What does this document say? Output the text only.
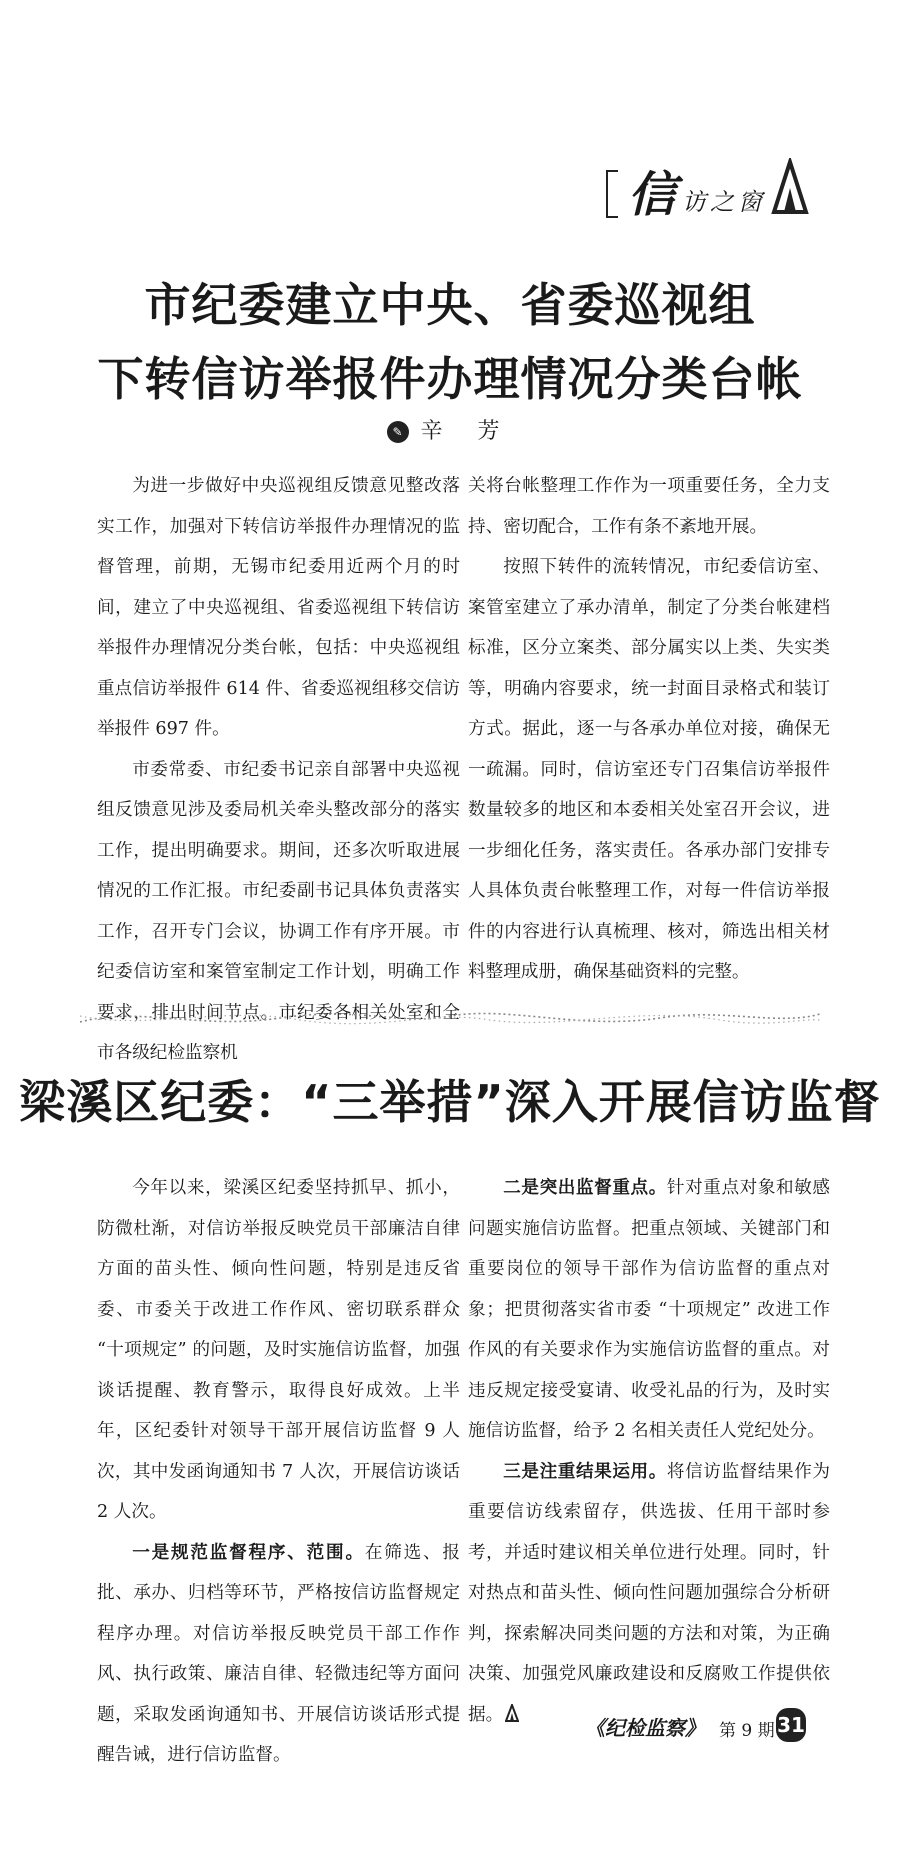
信 访之窗
市纪委建立中央、省委巡视组
下转信访举报件办理情况分类台帐
✎ 辛 芳

为进一步做好中央巡视组反馈意见整改落实工作，加强对下转信访举报件办理情况的监督管理，前期，无锡市纪委用近两个月的时间，建立了中央巡视组、省委巡视组下转信访举报件办理情况分类台帐，包括：中央巡视组重点信访举报件 614 件、省委巡视组移交信访举报件 697 件。

市委常委、市纪委书记亲自部署中央巡视组反馈意见涉及委局机关牵头整改部分的落实工作，提出明确要求。期间，还多次听取进展情况的工作汇报。市纪委副书记具体负责落实工作，召开专门会议，协调工作有序开展。市纪委信访室和案管室制定工作计划，明确工作要求，排出时间节点。市纪委各相关处室和全市各级纪检监察机

关将台帐整理工作作为一项重要任务，全力支持、密切配合，工作有条不紊地开展。

按照下转件的流转情况，市纪委信访室、案管室建立了承办清单，制定了分类台帐建档标准，区分立案类、部分属实以上类、失实类等，明确内容要求，统一封面目录格式和装订方式。据此，逐一与各承办单位对接，确保无一疏漏。同时，信访室还专门召集信访举报件数量较多的地区和本委相关处室召开会议，进一步细化任务，落实责任。各承办部门安排专人具体负责台帐整理工作，对每一件信访举报件的内容进行认真梳理、核对，筛选出相关材料整理成册，确保基础资料的完整。

梁溪区纪委：“三举措”深入开展信访监督

今年以来，梁溪区纪委坚持抓早、抓小，防微杜渐，对信访举报反映党员干部廉洁自律方面的苗头性、倾向性问题，特别是违反省委、市委关于改进工作作风、密切联系群众 “十项规定” 的问题，及时实施信访监督，加强谈话提醒、教育警示，取得良好成效。上半年，区纪委针对领导干部开展信访监督 9 人次，其中发函询通知书 7 人次，开展信访谈话 2 人次。

一是规范监督程序、范围。在筛选、报批、承办、归档等环节，严格按信访监督规定程序办理。对信访举报反映党员干部工作作风、执行政策、廉洁自律、轻微违纪等方面问题，采取发函询通知书、开展信访谈话形式提醒告诫，进行信访监督。

二是突出监督重点。针对重点对象和敏感问题实施信访监督。把重点领域、关键部门和重要岗位的领导干部作为信访监督的重点对象；把贯彻落实省市委 “十项规定” 改进工作作风的有关要求作为实施信访监督的重点。对违反规定接受宴请、收受礼品的行为，及时实施信访监督，给予 2 名相关责任人党纪处分。

三是注重结果运用。将信访监督结果作为重要信访线索留存，供选拔、任用干部时参考，并适时建议相关单位进行处理。同时，针对热点和苗头性、倾向性问题加强综合分析研判，探索解决同类问题的方法和对策，为正确决策、加强党风廉政建设和反腐败工作提供依据。

《纪检监察》 第 9 期 31
